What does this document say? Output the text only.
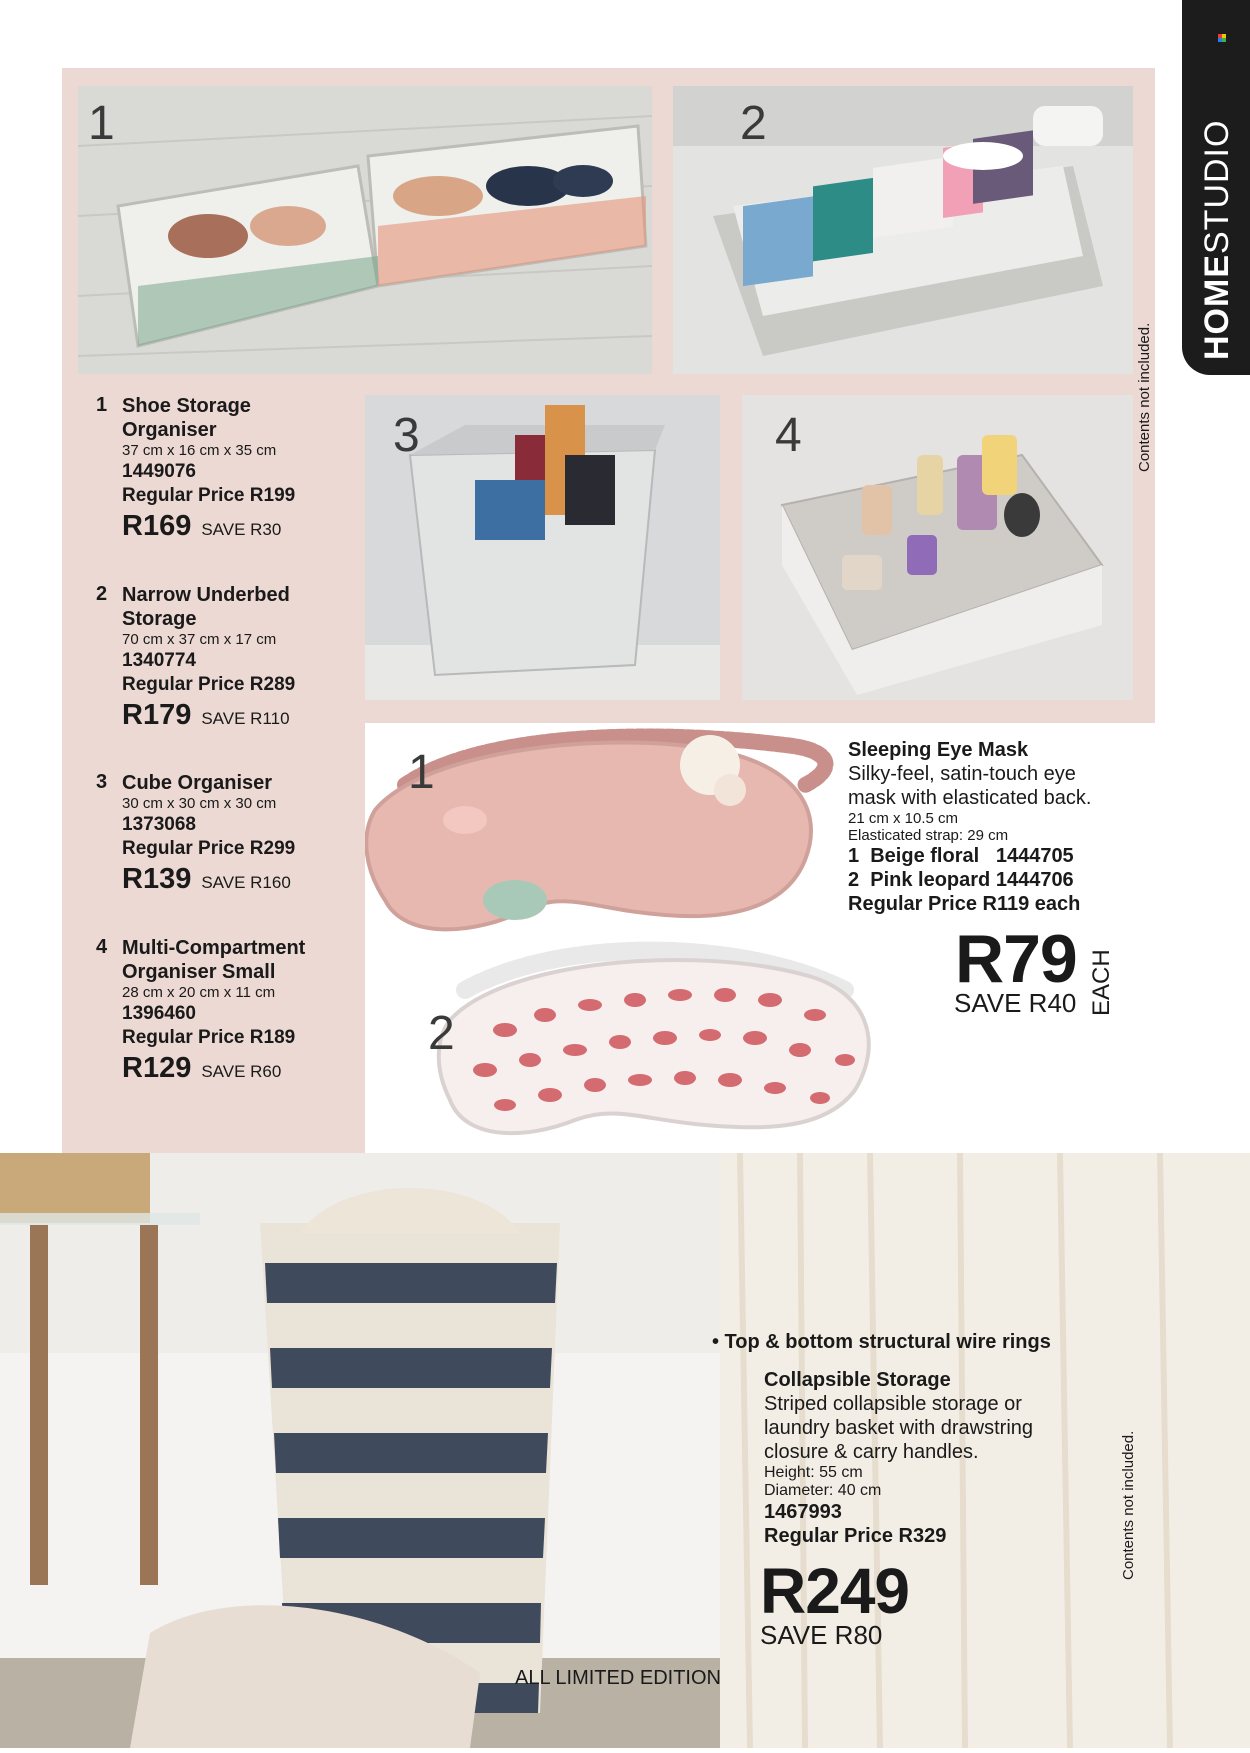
HOMESTUDIO
1	2
3	4	Contents not included.
1 Shoe Storage
Organiser
37 cm x 16 cm x 35 cm
1449076
Regular Price R199
R169 SAVE R30
2 Narrow Underbed
Storage
70 cm x 37 cm x 17 cm
1340774
Regular Price R289
R179 SAVE R110
3 Cube Organiser
30 cm x 30 cm x 30 cm
1373068
Regular Price R299
R139 SAVE R160
4 Multi-Compartment
Organiser Small
28 cm x 20 cm x 11 cm
1396460
Regular Price R189
R129 SAVE R60
1
2
Sleeping Eye Mask
Silky-feel, satin-touch eye
mask with elasticated back.
21 cm x 10.5 cm
Elasticated strap: 29 cm
1  Beige floral   1444705
2  Pink leopard 1444706
Regular Price R119 each
R79
SAVE R40 EACH
• Top & bottom structural wire rings
Collapsible Storage
Striped collapsible storage or
laundry basket with drawstring
closure & carry handles.
Height: 55 cm
Diameter: 40 cm
1467993
Regular Price R329
R249
SAVE R80
Contents not included.
ALL LIMITED EDITION
